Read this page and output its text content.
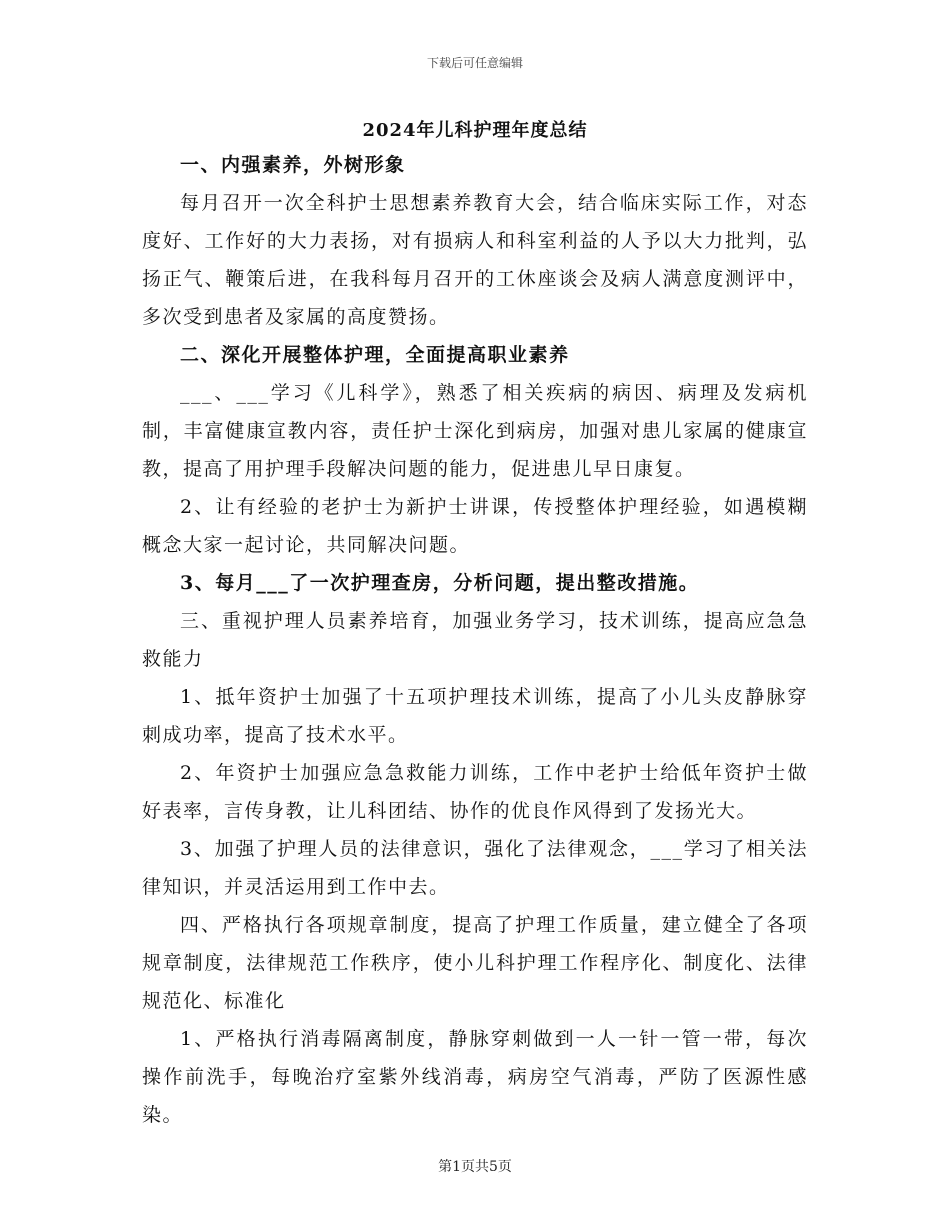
下载后可任意编辑
2024年儿科护理年度总结

一、内强素养，外树形象

每月召开一次全科护士思想素养教育大会，结合临床实际工作，对态度好、工作好的大力表扬，对有损病人和科室利益的人予以大力批判，弘扬正气、鞭策后进，在我科每月召开的工休座谈会及病人满意度测评中，多次受到患者及家属的高度赞扬。

二、深化开展整体护理，全面提高职业素养

___、___学习《儿科学》，熟悉了相关疾病的病因、病理及发病机制，丰富健康宣教内容，责任护士深化到病房，加强对患儿家属的健康宣教，提高了用护理手段解决问题的能力，促进患儿早日康复。

2、让有经验的老护士为新护士讲课，传授整体护理经验，如遇模糊概念大家一起讨论，共同解决问题。

3、每月___了一次护理查房，分析问题，提出整改措施。

三、重视护理人员素养培育，加强业务学习，技术训练，提高应急急救能力

1、抵年资护士加强了十五项护理技术训练，提高了小儿头皮静脉穿刺成功率，提高了技术水平。

2、年资护士加强应急急救能力训练，工作中老护士给低年资护士做好表率，言传身教，让儿科团结、协作的优良作风得到了发扬光大。

3、加强了护理人员的法律意识，强化了法律观念，___学习了相关法律知识，并灵活运用到工作中去。

四、严格执行各项规章制度，提高了护理工作质量，建立健全了各项规章制度，法律规范工作秩序，使小儿科护理工作程序化、制度化、法律规范化、标准化

1、严格执行消毒隔离制度，静脉穿刺做到一人一针一管一带，每次操作前洗手，每晚治疗室紫外线消毒，病房空气消毒，严防了医源性感染。

第1页共5页
